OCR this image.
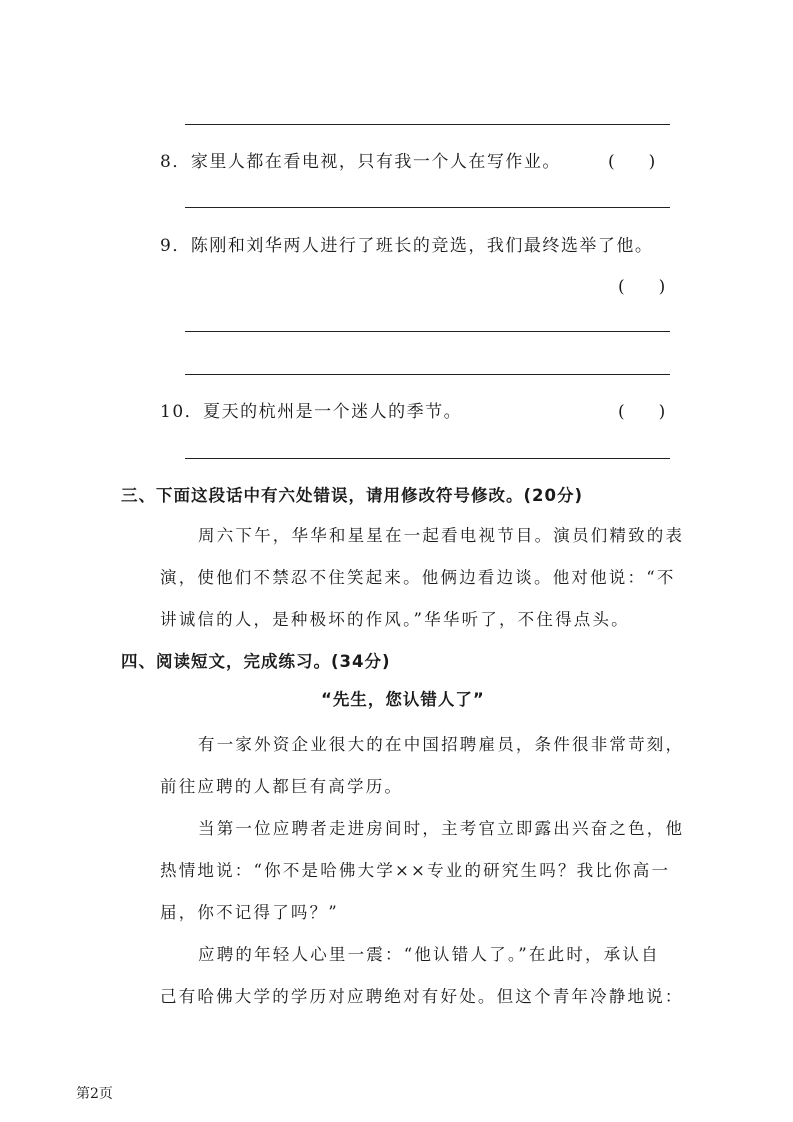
8．家里人都在看电视，只有我一个人在写作业。	(　　)
9．陈刚和刘华两人进行了班长的竞选，我们最终选举了他。
(　　)
10．夏天的杭州是一个迷人的季节。	(　　)
三、下面这段话中有六处错误，请用修改符号修改。(20分)
周六下午，华华和星星在一起看电视节目。演员们精致的表
演，使他们不禁忍不住笑起来。他俩边看边谈。他对他说：“不
讲诚信的人，是种极坏的作风。”华华听了，不住得点头。
四、阅读短文，完成练习。(34分)
“先生，您认错人了”
有一家外资企业很大的在中国招聘雇员，条件很非常苛刻，
前往应聘的人都巨有高学历。
当第一位应聘者走进房间时，主考官立即露出兴奋之色，他
热情地说：“你不是哈佛大学××专业的研究生吗？我比你高一
届，你不记得了吗？”
应聘的年轻人心里一震：“他认错人了。”在此时，承认自
己有哈佛大学的学历对应聘绝对有好处。但这个青年冷静地说：
第2页
